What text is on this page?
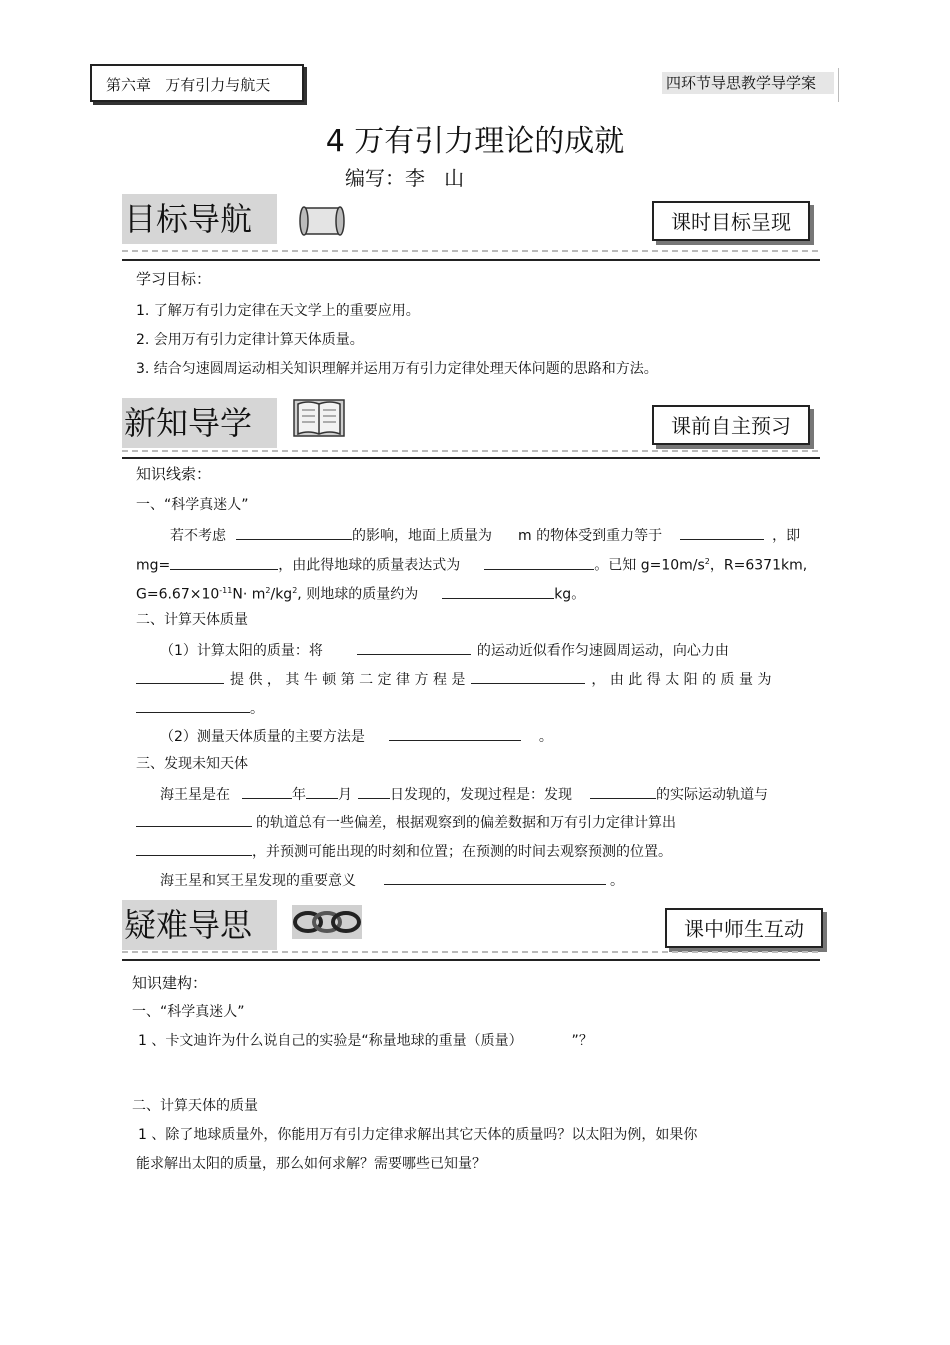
第六章   万有引力与航天	四环节导思教学导学案
4 万有引力理论的成就
编写：李   山
目标导航	课时目标呈现
学习目标：
1. 了解万有引力定律在天文学上的重要应用。
2. 会用万有引力定律计算天体质量。
3. 结合匀速圆周运动相关知识理解并运用万有引力定律处理天体问题的思路和方法。
新知导学	课前自主预习
知识线索：
一、“科学真迷人”
若不考虑	的影响，地面上质量为 m 的物体受到重力等于	，即
mg=	，由此得地球的质量表达式为	。已知 $g=10m/s^2$，R=6371km,
$G=6.67\times 10^{-11}N\cdot m^2/kg^2$, 则地球的质量约为	kg。
二、计算天体质量
（1）计算太阳的质量：将	的运动近似看作匀速圆周运动，向心力由
提 供 ， 其 牛 顿 第 二 定 律 方 程 是	， 由 此 得 太 阳 的 质 量 为
。
（2）测量天体质量的主要方法是	。
三、发现未知天体
海王星是在	年 月	日发现的，发现过程是：发现	的实际运动轨道与
的轨道总有一些偏差，根据观察到的偏差数据和万有引力定律计算出
，并预测可能出现的时刻和位置；在预测的时间去观察预测的位置。
海王星和冥王星发现的重要意义	。
疑难导思	课中师生互动
知识建构：
一、“科学真迷人”
1 、卡文迪许为什么说自己的实验是“称量地球的重量（质量）           ”？
二、计算天体的质量
1 、除了地球质量外，你能用万有引力定律求解出其它天体的质量吗？以太阳为例，如果你
能求解出太阳的质量，那么如何求解？需要哪些已知量？
